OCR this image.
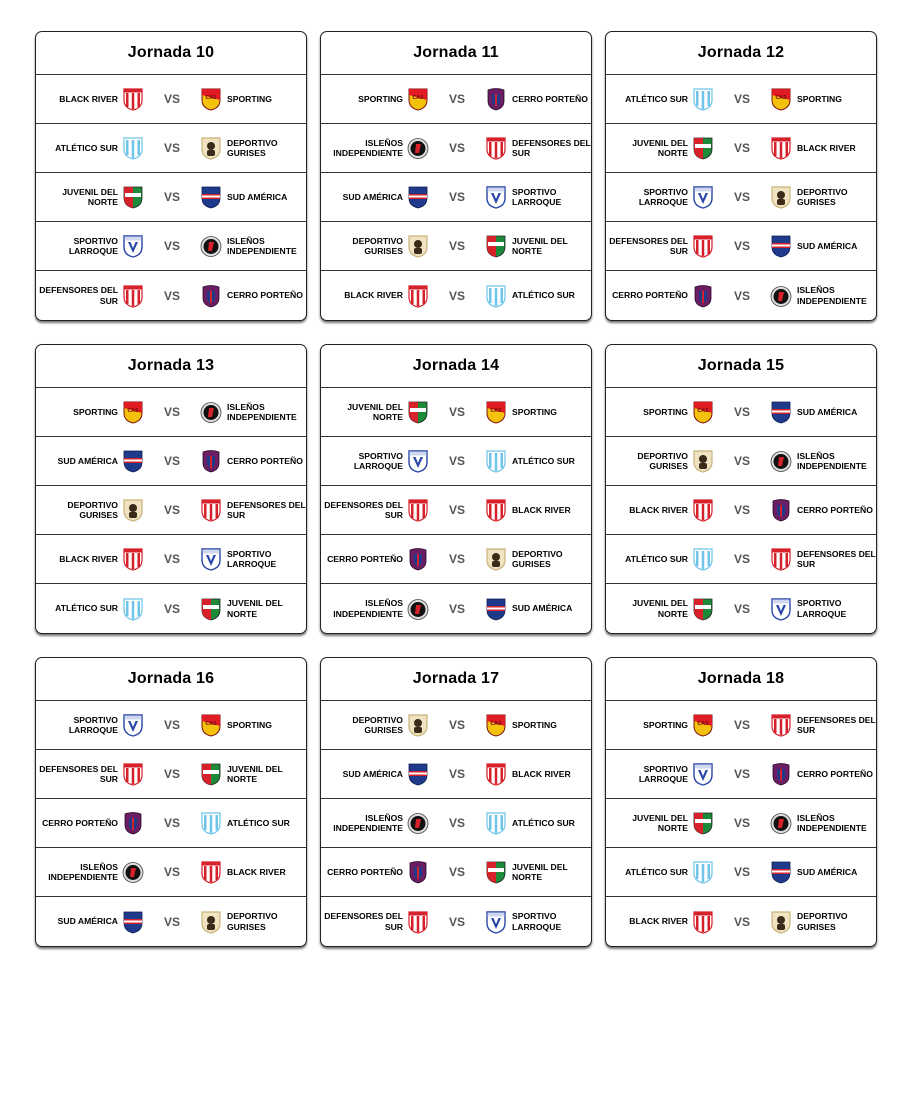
Jornada 10
BLACK RIVER	VS	CAS SPORTING
ATLÉTICO SUR	VS	DEPORTIVO GURISES
JUVENIL DEL NORTE	VS	SUD AMÉRICA
SPORTIVO LARROQUE	VS	ISLEÑOS INDEPENDIENTE
DEFENSORES DEL SUR	VS	CERRO PORTEÑO
Jornada 11
SPORTING CAS	VS	CERRO PORTEÑO
ISLEÑOS INDEPENDIENTE	VS	DEFENSORES DEL SUR
SUD AMÉRICA	VS	SPORTIVO LARROQUE
DEPORTIVO GURISES	VS	JUVENIL DEL NORTE
BLACK RIVER	VS	ATLÉTICO SUR
Jornada 12
ATLÉTICO SUR	VS	CAS SPORTING
JUVENIL DEL NORTE	VS	BLACK RIVER
SPORTIVO LARROQUE	VS	DEPORTIVO GURISES
DEFENSORES DEL SUR	VS	SUD AMÉRICA
CERRO PORTEÑO	VS	ISLEÑOS INDEPENDIENTE
Jornada 13
SPORTING CAS	VS	ISLEÑOS INDEPENDIENTE
SUD AMÉRICA	VS	CERRO PORTEÑO
DEPORTIVO GURISES	VS	DEFENSORES DEL SUR
BLACK RIVER	VS	SPORTIVO LARROQUE
ATLÉTICO SUR	VS	JUVENIL DEL NORTE
Jornada 14
JUVENIL DEL NORTE	VS	CAS SPORTING
SPORTIVO LARROQUE	VS	ATLÉTICO SUR
DEFENSORES DEL SUR	VS	BLACK RIVER
CERRO PORTEÑO	VS	DEPORTIVO GURISES
ISLEÑOS INDEPENDIENTE	VS	SUD AMÉRICA
Jornada 15
SPORTING CAS	VS	SUD AMÉRICA
DEPORTIVO GURISES	VS	ISLEÑOS INDEPENDIENTE
BLACK RIVER	VS	CERRO PORTEÑO
ATLÉTICO SUR	VS	DEFENSORES DEL SUR
JUVENIL DEL NORTE	VS	SPORTIVO LARROQUE
Jornada 16
SPORTIVO LARROQUE	VS	CAS SPORTING
DEFENSORES DEL SUR	VS	JUVENIL DEL NORTE
CERRO PORTEÑO	VS	ATLÉTICO SUR
ISLEÑOS INDEPENDIENTE	VS	BLACK RIVER
SUD AMÉRICA	VS	DEPORTIVO GURISES
Jornada 17
DEPORTIVO GURISES	VS	CAS SPORTING
SUD AMÉRICA	VS	BLACK RIVER
ISLEÑOS INDEPENDIENTE	VS	ATLÉTICO SUR
CERRO PORTEÑO	VS	JUVENIL DEL NORTE
DEFENSORES DEL SUR	VS	SPORTIVO LARROQUE
Jornada 18
SPORTING CAS	VS	DEFENSORES DEL SUR
SPORTIVO LARROQUE	VS	CERRO PORTEÑO
JUVENIL DEL NORTE	VS	ISLEÑOS INDEPENDIENTE
ATLÉTICO SUR	VS	SUD AMÉRICA
BLACK RIVER	VS	DEPORTIVO GURISES
